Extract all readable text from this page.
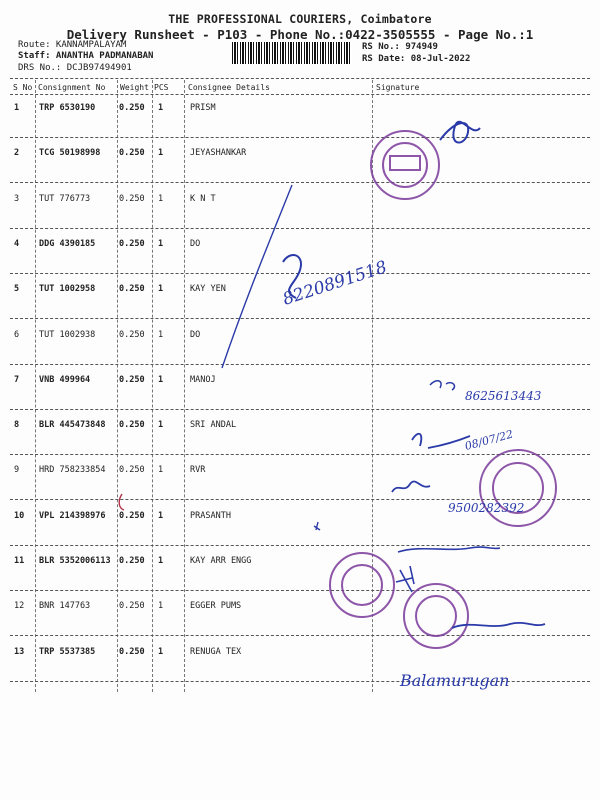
THE PROFESSIONAL COURIERS, Coimbatore
Delivery Runsheet - P103 - Phone No.:0422-3505555 - Page No.:1
Route: KANNAMPALAYAM
Staff: ANANTHA PADMANABAN
DRS No.: DCJB97494901
RS No.: 974949
RS Date: 08-Jul-2022
S No Consignment No Weight PCS Consignee Details	Signature
1 TRP 6530190	0.250 1	PRISM
2 TCG 50198998 0.250 1	JEYASHANKAR
3 TUT 776773	0.250 1	K N T
4 DDG 4390185	0.250 1	DO
5 TUT 1002958	0.250 1	KAY YEN
6 TUT 1002938	0.250 1	DO
7 VNB 499964	0.250 1	MANOJ
8 BLR 445473848 0.250 1	SRI ANDAL
9 HRD 758233854 0.250 1	RVR
10 VPL 214398976 0.250 1	PRASANTH
11 BLR 5352006113 0.250 1	KAY ARR ENGG
12 BNR 147763	0.250 1	EGGER PUMS
13 TRP 5537385	0.250 1	RENUGA TEX
8220891518
8625613443
08/07/22
9500282392
Balamurugan
